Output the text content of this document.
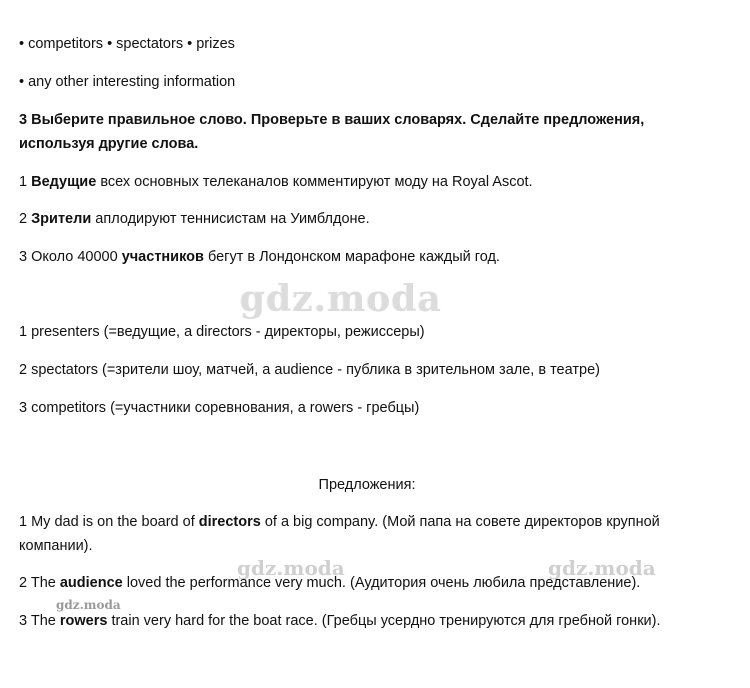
• competitors • spectators • prizes
• any other interesting information
3 Выберите правильное слово. Проверьте в ваших словарях. Сделайте предложения, используя другие слова.
1 Ведущие всех основных телеканалов комментируют моду на Royal Ascot.
2 Зрители аплодируют теннисистам на Уимблдоне.
3 Около 40000 участников бегут в Лондонском марафоне каждый год.
gdz.moda
1 presenters (=ведущие, a directors - директоры, режиссеры)
2 spectators (=зрители шоу, матчей, a audience - публика в зрительном зале, в театре)
3 competitors (=участники соревнования, а rowers - гребцы)
Предложения:
1 My dad is on the board of directors of a big company. (Мой папа на совете директоров крупной компании).
gdz.moda	gdz.moda
2 The audience loved the performance very much. (Аудитория очень любила представление).
gdz.moda
3 The rowers train very hard for the boat race. (Гребцы усердно тренируются для гребной гонки).
